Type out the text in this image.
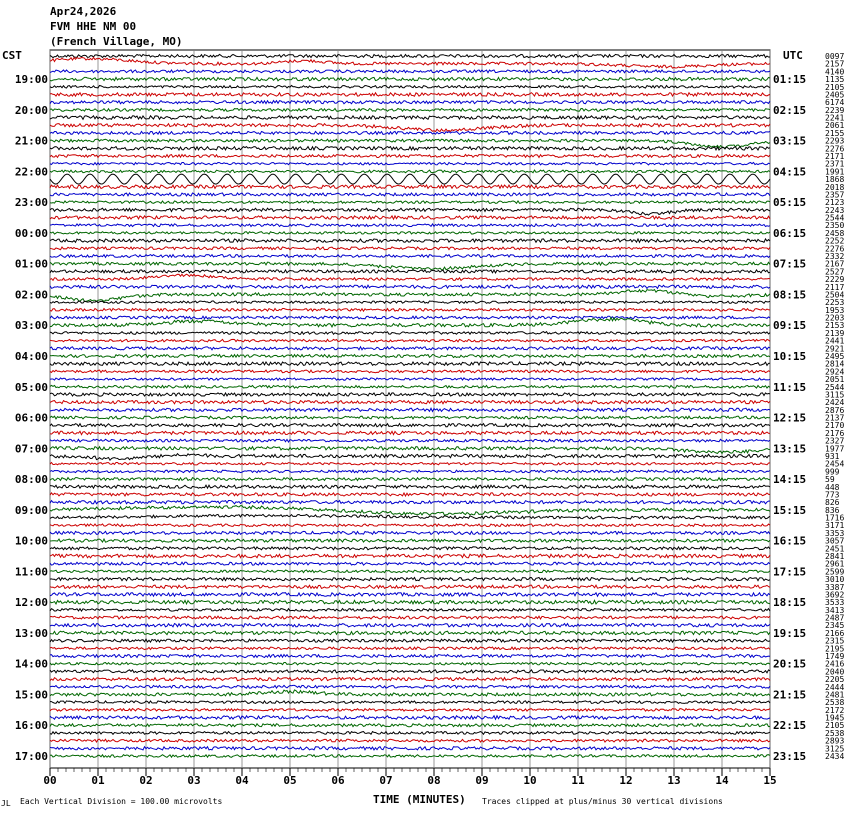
Apr24,2026
FVM HHE NM 00
(French Village, MO)
CST	UTC
00	01	02	03	04	05	06	07	08	09	10	11	12	13	14	15
0097
2157
4140
1135
2105
2405
6174
2239
2241
2061
2155
2293
2276
2171
2371
1991
1868
2018
2357
2123
2243
2544
2350
2458
2252
2276
2332
2167
2527
2229
2117
2504
2253
1953
2203
2153
2139
2441
2921
2495
2814
2924
2051
2544
3115
2424
2876
2137
2170
2176
2327
1977
931
2454
999
59
448
773
826
836
1716
3171
3353
3057
2451
2841
2961
2599
3010
3387
3692
3533
3413
2487
2345
2166
2315
2195
1749
2416
2040
2205
2444
2481
2538
2172
1945
2105
2538
2893
3125
2434
19:00
20:00
21:00
22:00
23:00
00:00
01:00
02:00
03:00
04:00
05:00
06:00
07:00
08:00
09:00
10:00
11:00
12:00
13:00
14:00
15:00
16:00
17:00
01:15
02:15
03:15
04:15
05:15
06:15
07:15
08:15
09:15
10:15
11:15
12:15
13:15
14:15
15:15
16:15
17:15
18:15
19:15
20:15
21:15
22:15
23:15
JL Each Vertical Division = 100.00 microvolts	TIME (MINUTES) Traces clipped at plus/minus 30 vertical divisions
